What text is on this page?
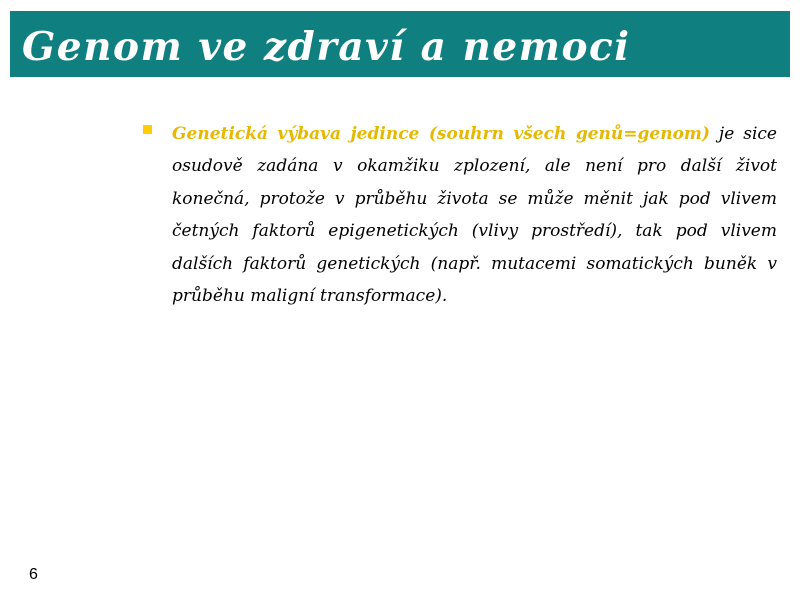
Genom ve zdraví a nemoci

Genetická výbava jedince (souhrn všech genů=genom) je sice osudově zadána v okamžiku zplození, ale není pro další život konečná, protože v průběhu života se může měnit jak pod vlivem četných faktorů epigenetických (vlivy prostředí), tak pod vlivem dalších faktorů genetických (např. mutacemi somatických buněk v průběhu maligní transformace).

6
